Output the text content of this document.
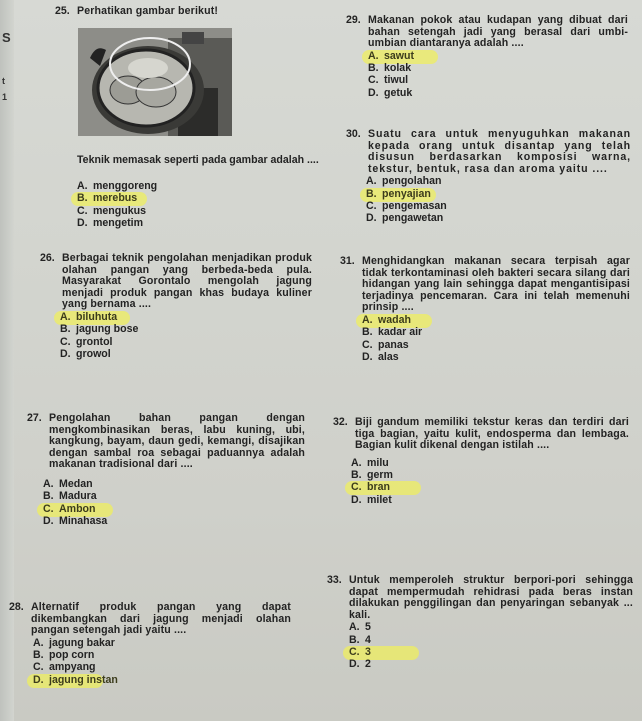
S
t
1
25. Perhatikan gambar berikut!
Teknik memasak seperti pada gambar adalah ....
A. menggoreng
B. merebus
C. mengukus
D. mengetim
26. Berbagai teknik pengolahan menjadikan produk olahan pangan yang berbeda-beda pula. Masyarakat Gorontalo mengolah jagung menjadi produk pangan khas budaya kuliner yang bernama ....
A. biluhuta
B. jagung bose
C. grontol
D. growol
27. Pengolahan bahan pangan dengan mengkombinasikan beras, labu kuning, ubi, kangkung, bayam, daun gedi, kemangi, disajikan dengan sambal roa sebagai paduannya adalah makanan tradisional dari ....
A. Medan
B. Madura
C. Ambon
D. Minahasa
28. Alternatif produk pangan yang dapat dikembangkan dari jagung menjadi olahan pangan setengah jadi yaitu ....
A. jagung bakar
B. pop corn
C. ampyang
D. jagung instan
29. Makanan pokok atau kudapan yang dibuat dari bahan setengah jadi yang berasal dari umbi-umbian diantaranya adalah ....
A. sawut
B. kolak
C. tiwul
D. getuk
30. Suatu cara untuk menyuguhkan makanan kepada orang untuk disantap yang telah disusun berdasarkan komposisi warna, tekstur, bentuk, rasa dan aroma yaitu ....
A. pengolahan
B. penyajian
C. pengemasan
D. pengawetan
31. Menghidangkan makanan secara terpisah agar tidak terkontaminasi oleh bakteri secara silang dari hidangan yang lain sehingga dapat mengantisipasi terjadinya pencemaran. Cara ini telah memenuhi prinsip ....
A. wadah
B. kadar air
C. panas
D. alas
32. Biji gandum memiliki tekstur keras dan terdiri dari tiga bagian, yaitu kulit, endosperma dan lembaga. Bagian kulit dikenal dengan istilah ....
A. milu
B. germ
C. bran
D. milet
33. Untuk memperoleh struktur berpori-pori sehingga dapat mempermudah rehidrasi pada beras instan dilakukan penggilingan dan penyaringan sebanyak ... kali.
A. 5
B. 4
C. 3
D. 2
